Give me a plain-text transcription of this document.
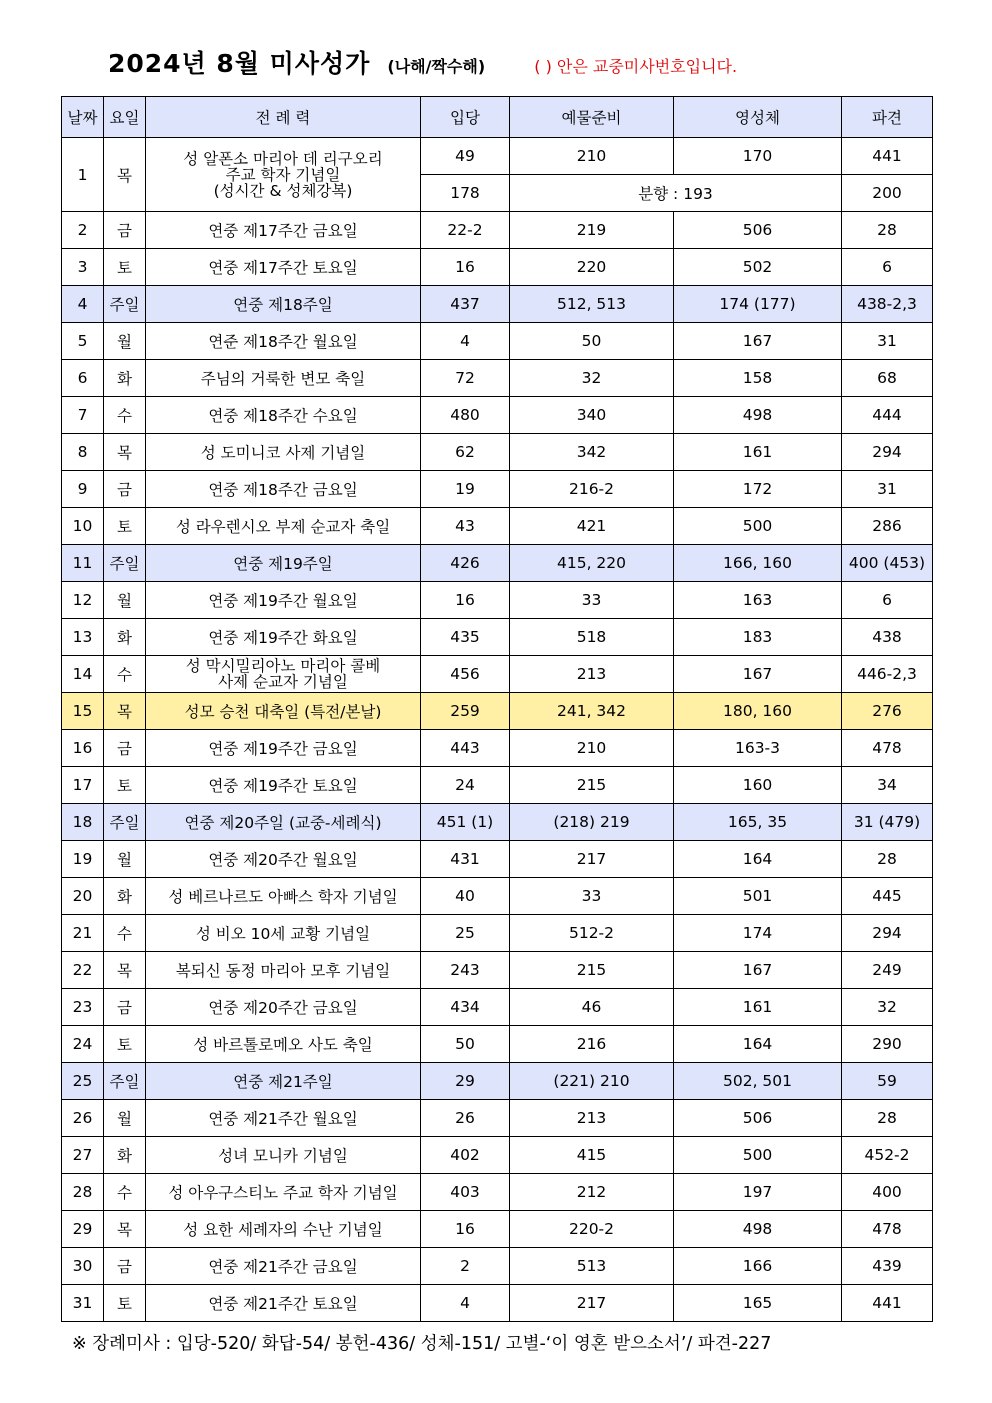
2024년 8월 미사성가 (나해/짝수해)	( ) 안은 교중미사번호입니다.
날짜	요일	전 례 력	입당	예물준비	영성체	파견
1	목	성 알폰소 마리아 데 리구오리
주교 학자 기념일
(성시간 & 성체강복)	49	210	170	441
			178	분향 : 193		200
2	금	연중 제17주간 금요일	22-2	219	506	28
3	토	연중 제17주간 토요일	16	220	502	6
4	주일	연중 제18주일	437	512, 513	174 (177)	438-2,3
5	월	연준 제18주간 월요일	4	50	167	31
6	화	주님의 거룩한 변모 축일	72	32	158	68
7	수	연중 제18주간 수요일	480	340	498	444
8	목	성 도미니코 사제 기념일	62	342	161	294
9	금	연중 제18주간 금요일	19	216-2	172	31
10	토	성 라우렌시오 부제 순교자 축일	43	421	500	286
11	주일	연중 제19주일	426	415, 220	166, 160	400 (453)
12	월	연중 제19주간 월요일	16	33	163	6
13	화	연중 제19주간 화요일	435	518	183	438
14	수	성 막시밀리아노 마리아 콜베
사제 순교자 기념일	456	213	167	446-2,3
15	목	성모 승천 대축일 (특전/본날)	259	241, 342	180, 160	276
16	금	연중 제19주간 금요일	443	210	163-3	478
17	토	연중 제19주간 토요일	24	215	160	34
18	주일	연중 제20주일 (교중-세례식)	451 (1)	(218) 219	165, 35	31 (479)
19	월	연중 제20주간 월요일	431	217	164	28
20	화	성 베르나르도 아빠스 학자 기념일	40	33	501	445
21	수	성 비오 10세 교황 기념일	25	512-2	174	294
22	목	복되신 동정 마리아 모후 기념일	243	215	167	249
23	금	연중 제20주간 금요일	434	46	161	32
24	토	성 바르톨로메오 사도 축일	50	216	164	290
25	주일	연중 제21주일	29	(221) 210	502, 501	59
26	월	연중 제21주간 월요일	26	213	506	28
27	화	성녀 모니카 기념일	402	415	500	452-2
28	수	성 아우구스티노 주교 학자 기념일	403	212	197	400
29	목	성 요한 세례자의 수난 기념일	16	220-2	498	478
30	금	연중 제21주간 금요일	2	513	166	439
31	토	연중 제21주간 토요일	4	217	165	441
※ 장례미사 : 입당-520/ 화답-54/ 봉헌-436/ 성체-151/ 고별-‘이 영혼 받으소서’/ 파견-227
